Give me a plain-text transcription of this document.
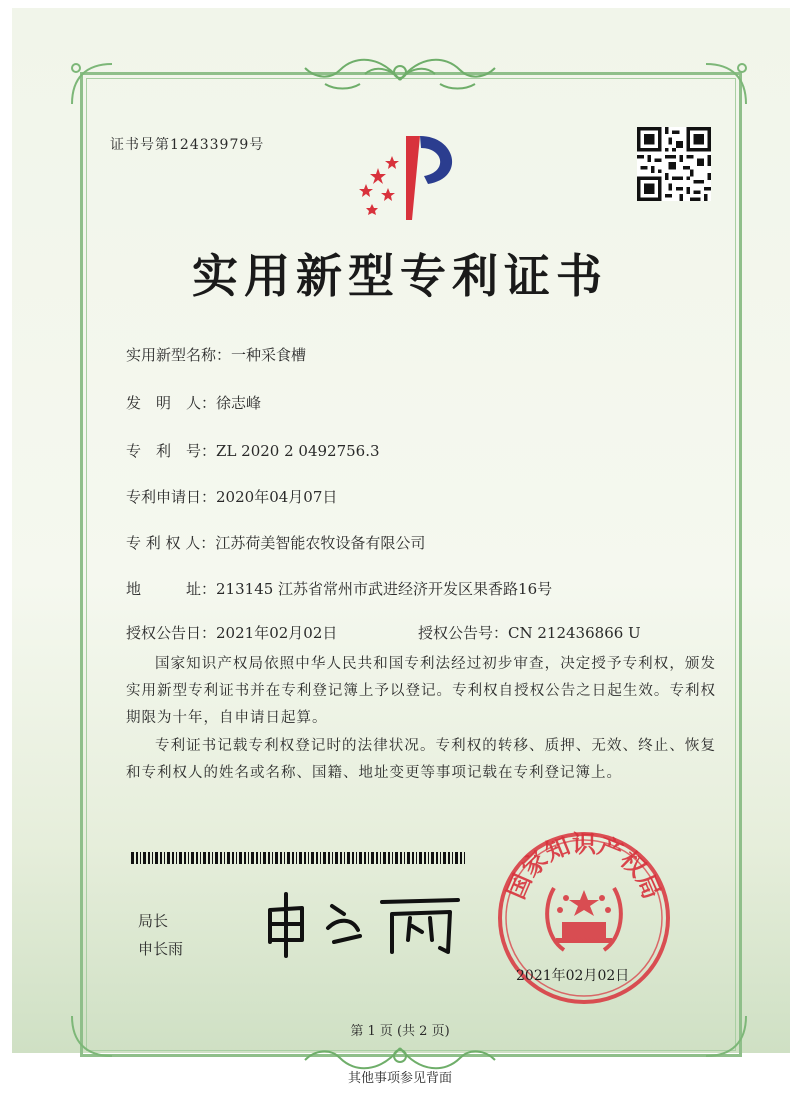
证书号第12433979号
实用新型专利证书
实用新型名称：一种采食槽
发　明　人：徐志峰
专　利　号：ZL 2020 2 0492756.3
专利申请日：2020年04月07日
专 利 权 人：江苏荷美智能农牧设备有限公司
地　　　址：213145 江苏省常州市武进经济开发区果香路16号
授权公告日：2021年02月02日	授权公告号：CN 212436866 U
国家知识产权局依照中华人民共和国专利法经过初步审查，决定授予专利权，颁发实用新型专利证书并在专利登记簿上予以登记。专利权自授权公告之日起生效。专利权期限为十年，自申请日起算。
专利证书记载专利权登记时的法律状况。专利权的转移、质押、无效、终止、恢复和专利权人的姓名或名称、国籍、地址变更等事项记载在专利登记簿上。
局长
申长雨
国家知识产权局
2021年02月02日
第 1 页 (共 2 页)
其他事项参见背面
